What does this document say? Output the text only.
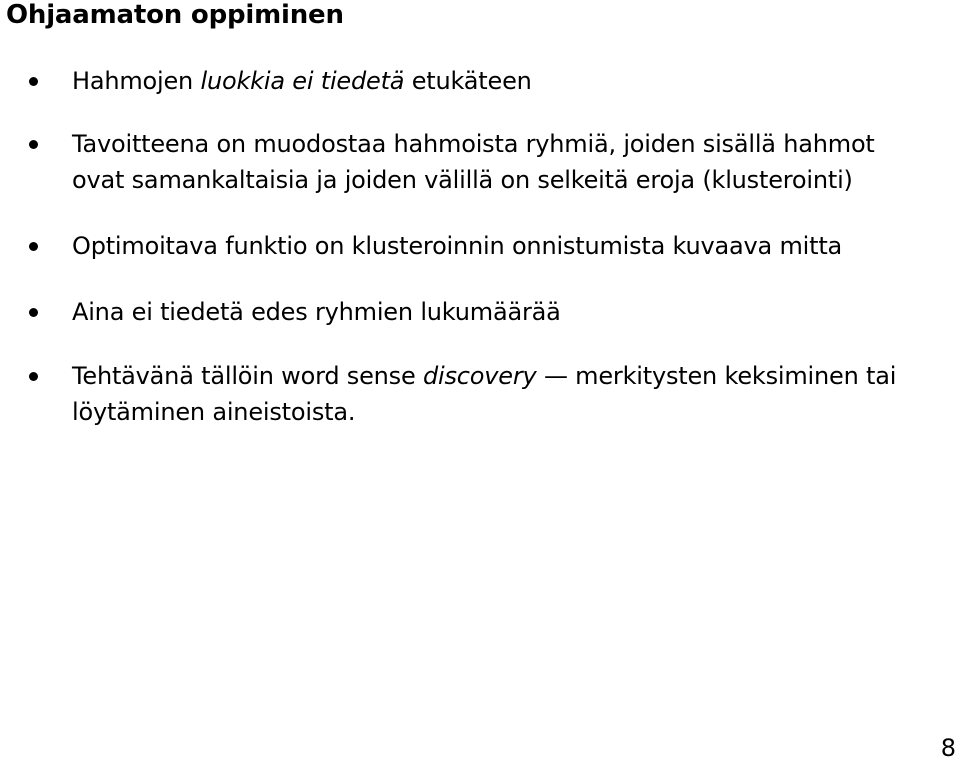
Ohjaamaton oppiminen
Hahmojen luokkia ei tiedetä etukäteen
Tavoitteena on muodostaa hahmoista ryhmiä, joiden sisällä hahmot
ovat samankaltaisia ja joiden välillä on selkeitä eroja (klusterointi)
Optimoitava funktio on klusteroinnin onnistumista kuvaava mitta
Aina ei tiedetä edes ryhmien lukumäärää
Tehtävänä tällöin word sense discovery — merkitysten keksiminen tai
löytäminen aineistoista.
8
